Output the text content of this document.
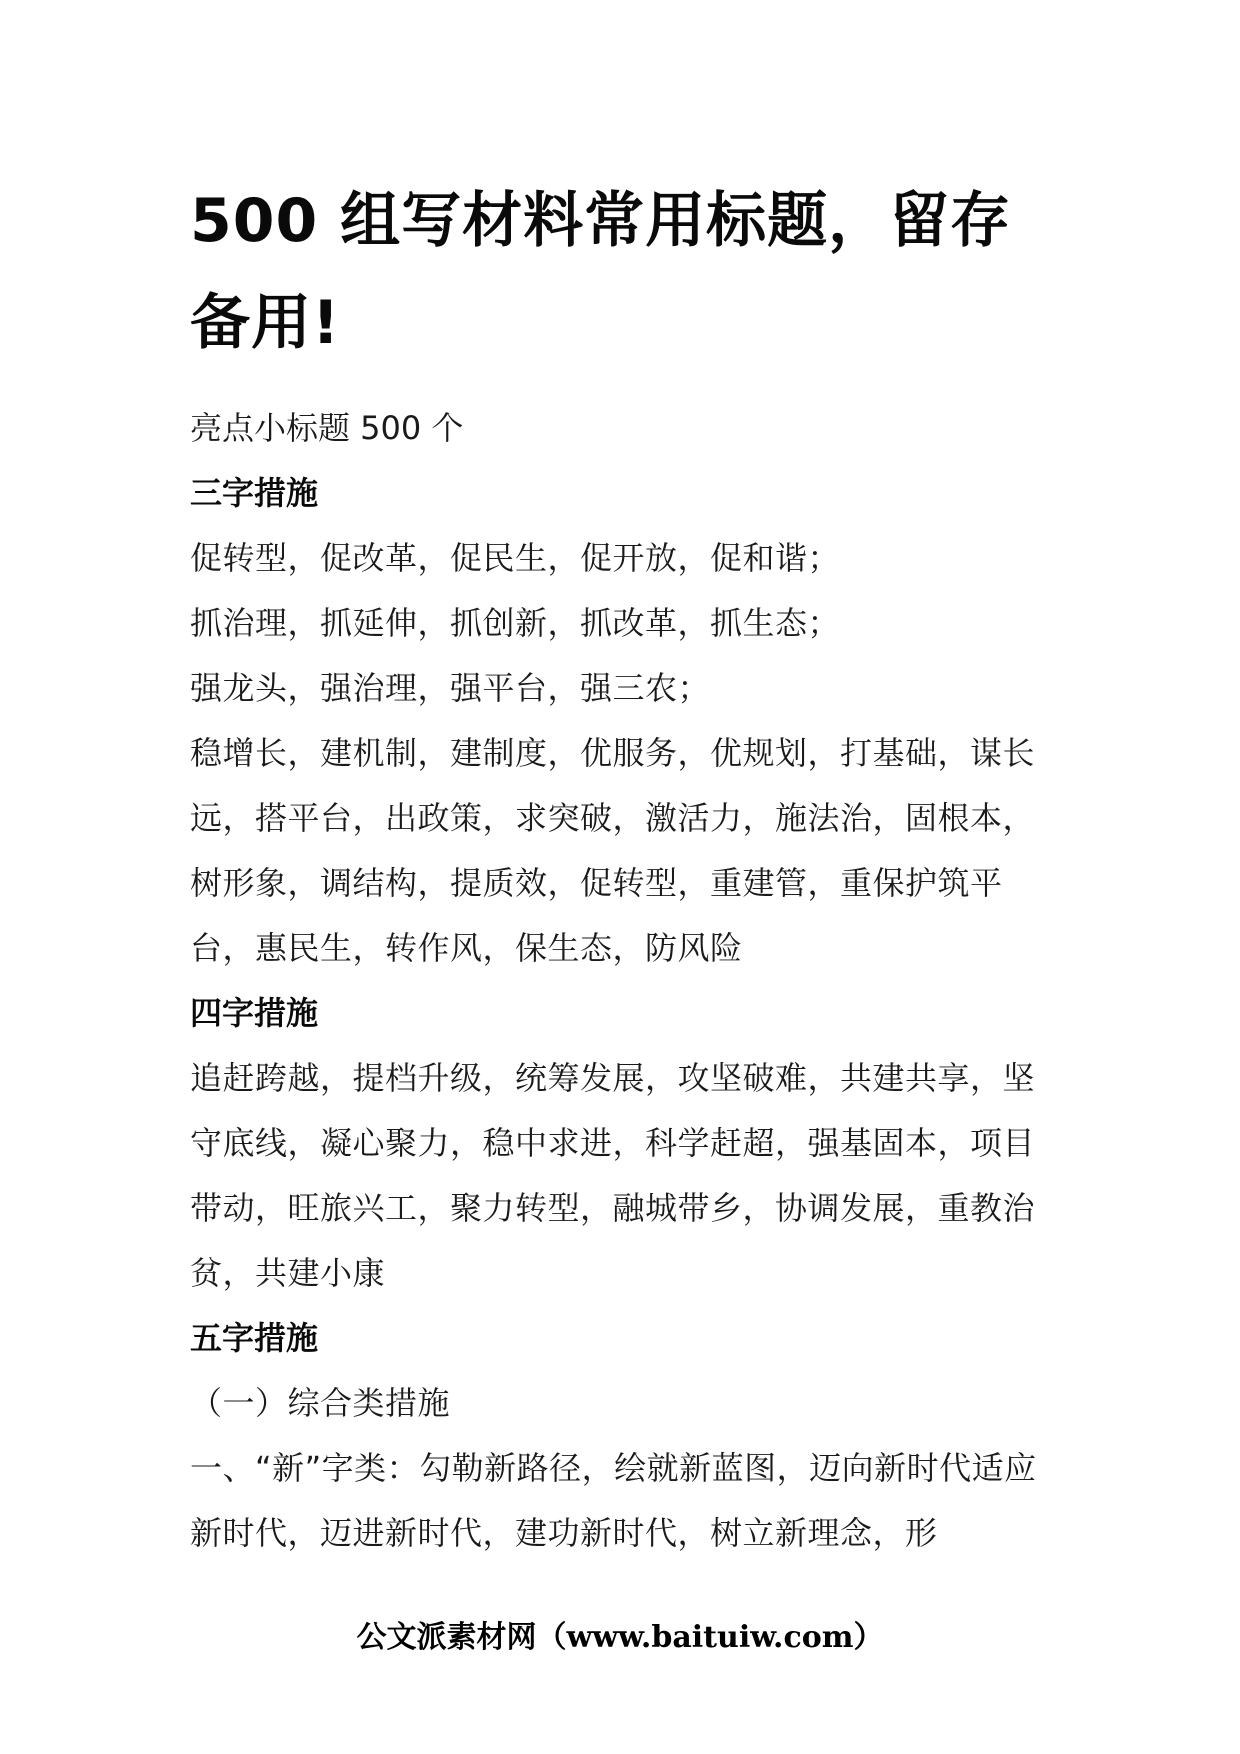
500 组写材料常用标题，留存备用!

亮点小标题 500 个

三字措施

促转型，促改革，促民生，促开放，促和谐；

抓治理，抓延伸，抓创新，抓改革，抓生态；

强龙头，强治理，强平台，强三农；

稳增长，建机制，建制度，优服务，优规划，打基础，谋长远，搭平台，出政策，求突破，激活力，施法治，固根本，树形象，调结构，提质效，促转型，重建管，重保护筑平台，惠民生，转作风，保生态，防风险

四字措施

追赶跨越，提档升级，统筹发展，攻坚破难，共建共享，坚守底线，凝心聚力，稳中求进，科学赶超，强基固本，项目带动，旺旅兴工，聚力转型，融城带乡，协调发展，重教治贫，共建小康

五字措施

（一）综合类措施

一、“新”字类：勾勒新路径，绘就新蓝图，迈向新时代适应新时代，迈进新时代，建功新时代，树立新理念，形

公文派素材网（www.baituiw.com）
